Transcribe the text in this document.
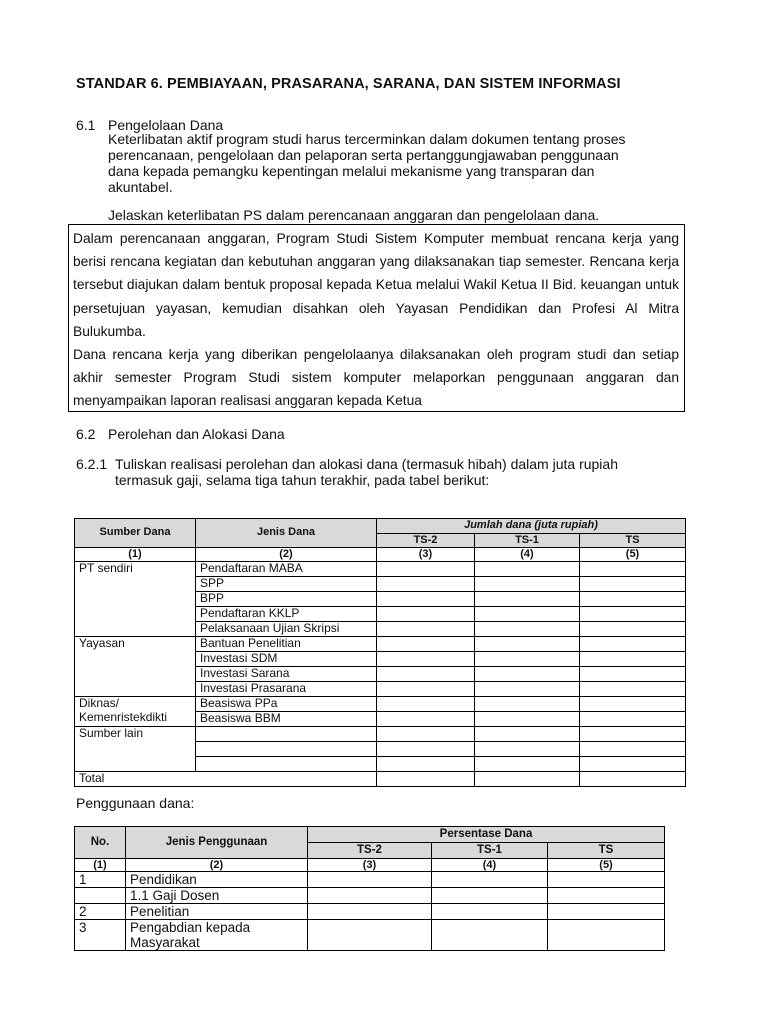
STANDAR 6. PEMBIAYAAN, PRASARANA, SARANA, DAN SISTEM INFORMASI
6.1 Pengelolaan Dana

Keterlibatan aktif program studi harus tercerminkan dalam dokumen tentang proses

perencanaan, pengelolaan dan pelaporan serta pertanggungjawaban penggunaan

dana kepada pemangku kepentingan melalui mekanisme yang transparan dan

akuntabel.

Jelaskan keterlibatan PS dalam perencanaan anggaran dan pengelolaan dana.

Dalam perencanaan anggaran, Program Studi Sistem Komputer membuat rencana kerja yang berisi rencana kegiatan dan kebutuhan anggaran yang dilaksanakan tiap semester. Rencana kerja tersebut diajukan dalam bentuk proposal kepada Ketua melalui Wakil Ketua II Bid. keuangan untuk persetujuan yayasan, kemudian disahkan oleh Yayasan Pendidikan dan Profesi Al Mitra Bulukumba.

Dana rencana kerja yang diberikan pengelolaanya dilaksanakan oleh program studi dan setiap akhir semester Program Studi sistem komputer melaporkan penggunaan anggaran dan menyampaikan laporan realisasi anggaran kepada Ketua

6.2 Perolehan dan Alokasi Dana
6.2.1 Tuliskan realisasi perolehan dan alokasi dana (termasuk hibah) dalam juta rupiah
termasuk gaji, selama tiga tahun terakhir, pada tabel berikut:
Sumber Dana	Jenis Dana	Jumlah dana (juta rupiah)		
		TS-2	TS-1	TS
(1)	(2)	(3)	(4)	(5)
PT sendiri	Pendaftaran MABA			
	SPP			
	BPP			
	Pendaftaran KKLP			
	Pelaksanaan Ujian Skripsi			
Yayasan	Bantuan Penelitian			
	Investasi SDM			
	Investasi Sarana			
	Investasi Prasarana			

Diknas/
Kemenristekdikti	Beasiswa PPa			
	Beasiswa BBM			
Sumber lain				

Total				
Penggunaan dana:
No.	Jenis Penggunaan	Persentase Dana		
		TS-2	TS-1	TS
(1)	(2)	(3)	(4)	(5)
1	Pendidikan			
	1.1 Gaji Dosen			
2	Penelitian			
3	Pengabdian kepada
Masyarakat			
